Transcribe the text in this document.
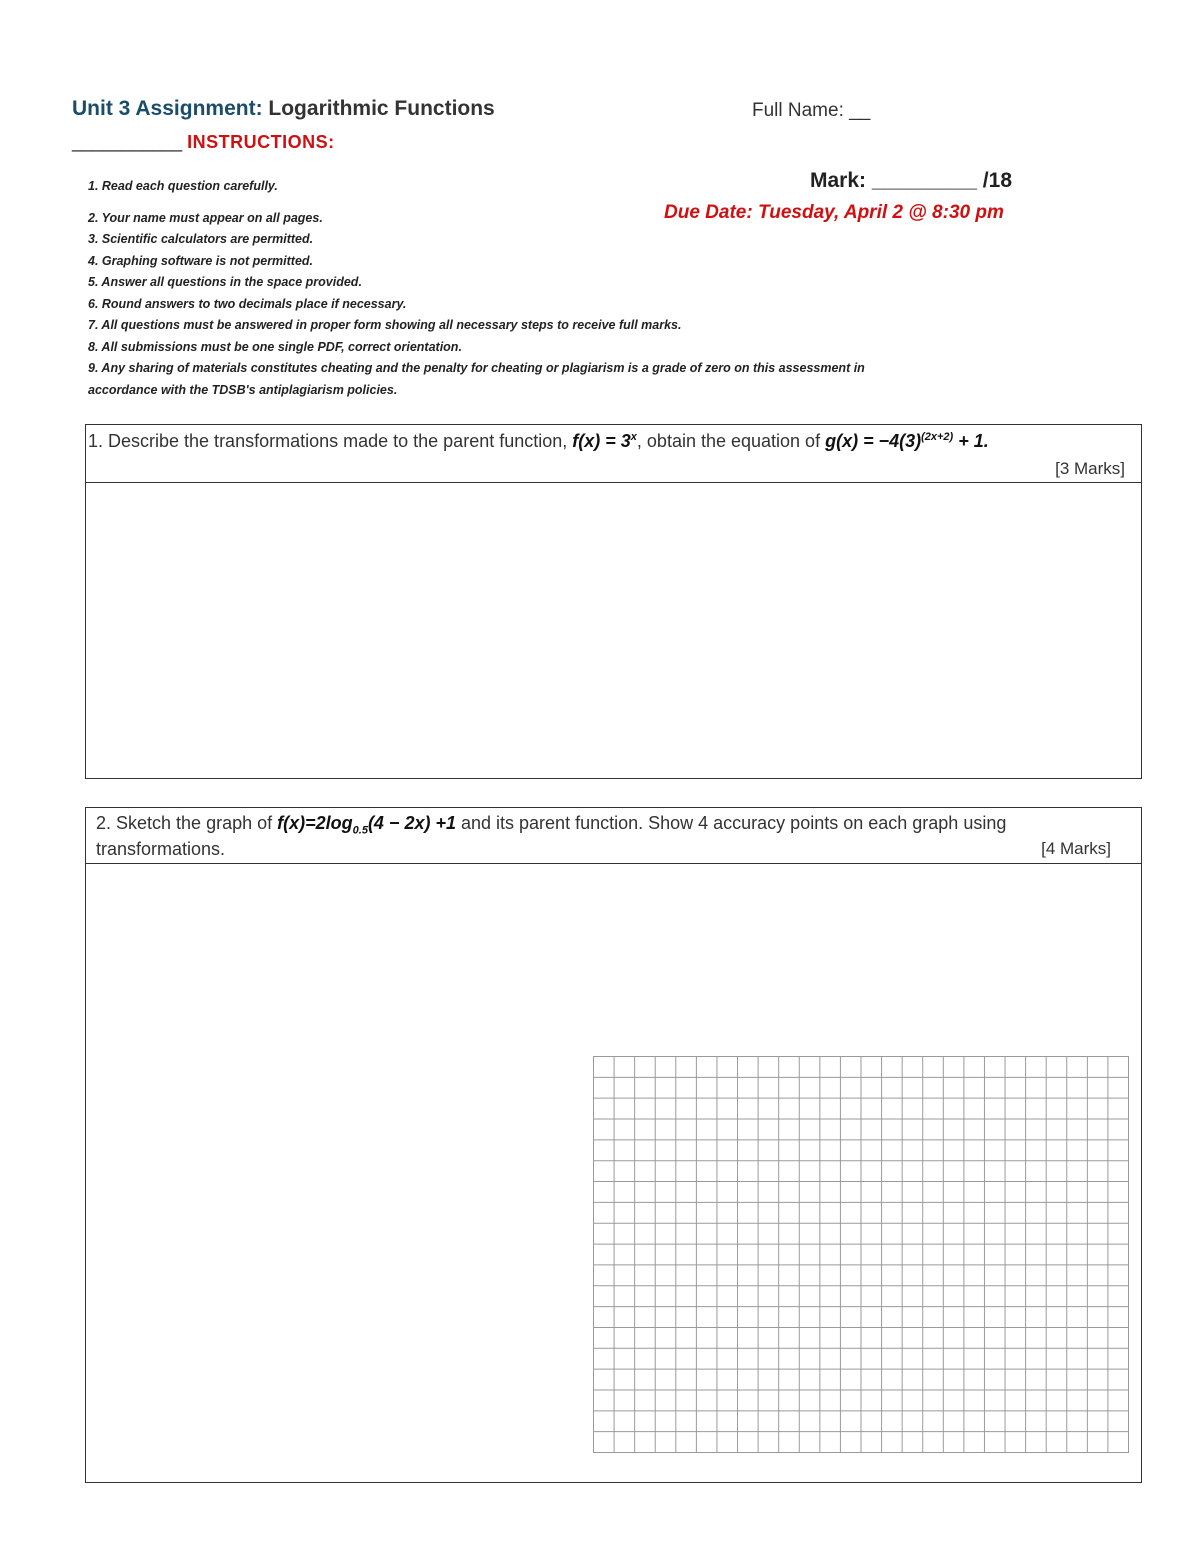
Unit 3 Assignment: Logarithmic Functions	Full Name: __
___________ INSTRUCTIONS:
Mark: _________ /18
Due Date: Tuesday, April 2 @ 8:30 pm
1. Read each question carefully.
2. Your name must appear on all pages.
3. Scientific calculators are permitted.
4. Graphing software is not permitted.
5. Answer all questions in the space provided.
6. Round answers to two decimals place if necessary.
7. All questions must be answered in proper form showing all necessary steps to receive full marks.
8. All submissions must be one single PDF, correct orientation.
9. Any sharing of materials constitutes cheating and the penalty for cheating or plagiarism is a grade of zero on this assessment in
accordance with the TDSB's antiplagiarism policies.
1. Describe the transformations made to the parent function, $f(x) = 3^x$, obtain the equation of $g(x) = -4(3)^{(2x+2)} + 1$.
[3 Marks]
2. Sketch the graph of $f(x)=2\log_{0.5}(4 - 2x) +1$ and its parent function. Show 4 accuracy points on each graph using
transformations.	[4 Marks]
